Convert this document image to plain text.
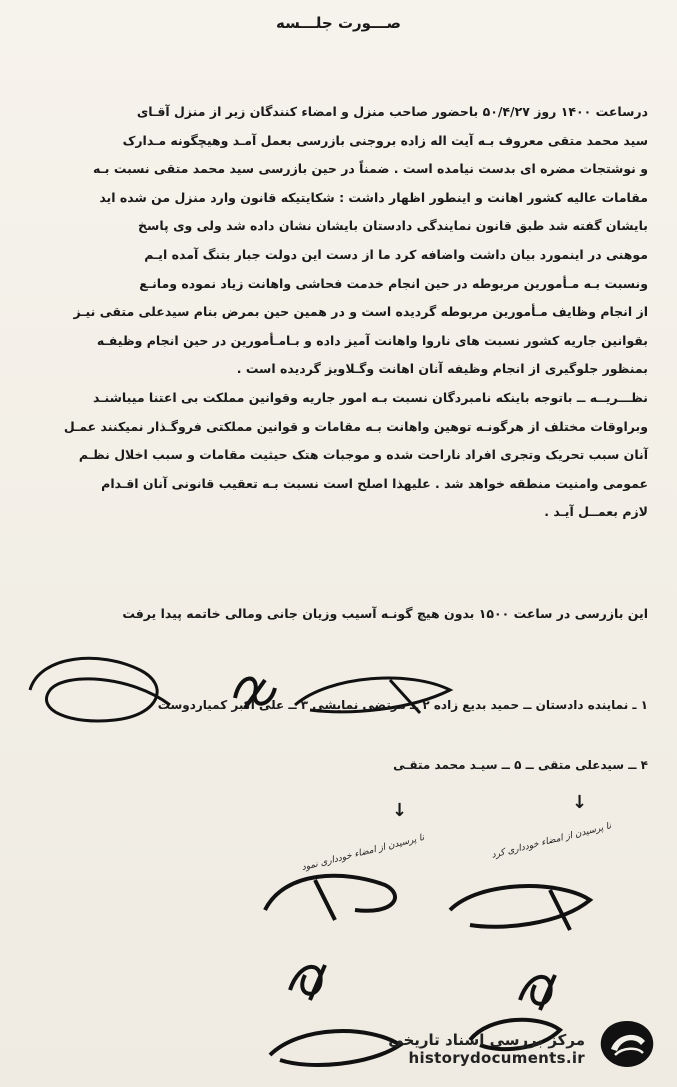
صـــورت جلـــسه

درساعت ۱۴۰۰ روز ۵۰/۴/۲۷ باحضور صاحب منزل و امضاء کنندگان زیر از منزل آقـای

سید محمد متقی معروف بـه آیت اله زاده بروجنی بازرسی بعمل آمـد وهیچگونه مـدارک

و نوشتجات مضره ای بدست نیامده است . ضمناً در حین بازرسی سید محمد متقی نسبت بـه

مقامات عالیه کشور اهانت و اینطور اظهار داشت : شکایتیکه قانون وارد منزل من شده اید

بایشان گفته شد طبق قانون نمایندگی دادستان بایشان نشان داده شد ولی وی پاسخ

موهنی در اینمورد بیان داشت واضافه کرد ما از دست این دولت جبار بتنگ آمده ایـم

ونسبت بـه مـأمورین مربوطه در حین انجام خدمت فحاشی واهانت زیاد نموده ومانـع

از انجام وظایف مـأمورین مربوطه گردیده است و در همین حین بمرض بنام سیدعلی متقی نیـز

بقوانین جاریه کشور نسبت های ناروا واهانت آمیز داده و بـامـأمورین در حین انجام وظیفـه

بمنظور جلوگیری از انجام وظیفه آنان اهانت وگـلاویز گردیده است .

نظـــریــه ــ باتوجه باینکه نامبردگان نسبت بـه امور جاریه وقوانین مملکت بی اعتنا میباشنـد

وبراوقات مختلف از هرگونـه توهین واهانت بـه مقامات و قوانین مملکتی فروگـذار نمیکنند عمـل

آنان سبب تحریک وتجری افراد ناراحت شده و موجبات هتک حیثیت مقامات و سبب اخلال نظـم

عمومی وامنیت منطقه خواهد شد . علیهذا اصلح است نسبت بـه تعقیب قانونی آنان اقـدام

لازم بعمــل آیـد .

این بازرسی در ساعت ۱۵۰۰ بدون هیچ گونـه آسیب وزیان جانی ومالی خاتمه پیدا یرفت
۱ ـ نماینده دادستان ــ حمید بدیع زاده ۲ ــ مرتضی نمایشی ۳ ــ علی اکبر کمیاردوست
۴ ــ سیدعلی متقی ــ ۵ ــ سیـد محمد متقـی
↓	↓
نا پرسیدن از امضاء خودداری نمود	نا پرسیدن از امضاء خودداری کرد
مرکز بررسی اسناد تاریخی
historydocuments.ir
